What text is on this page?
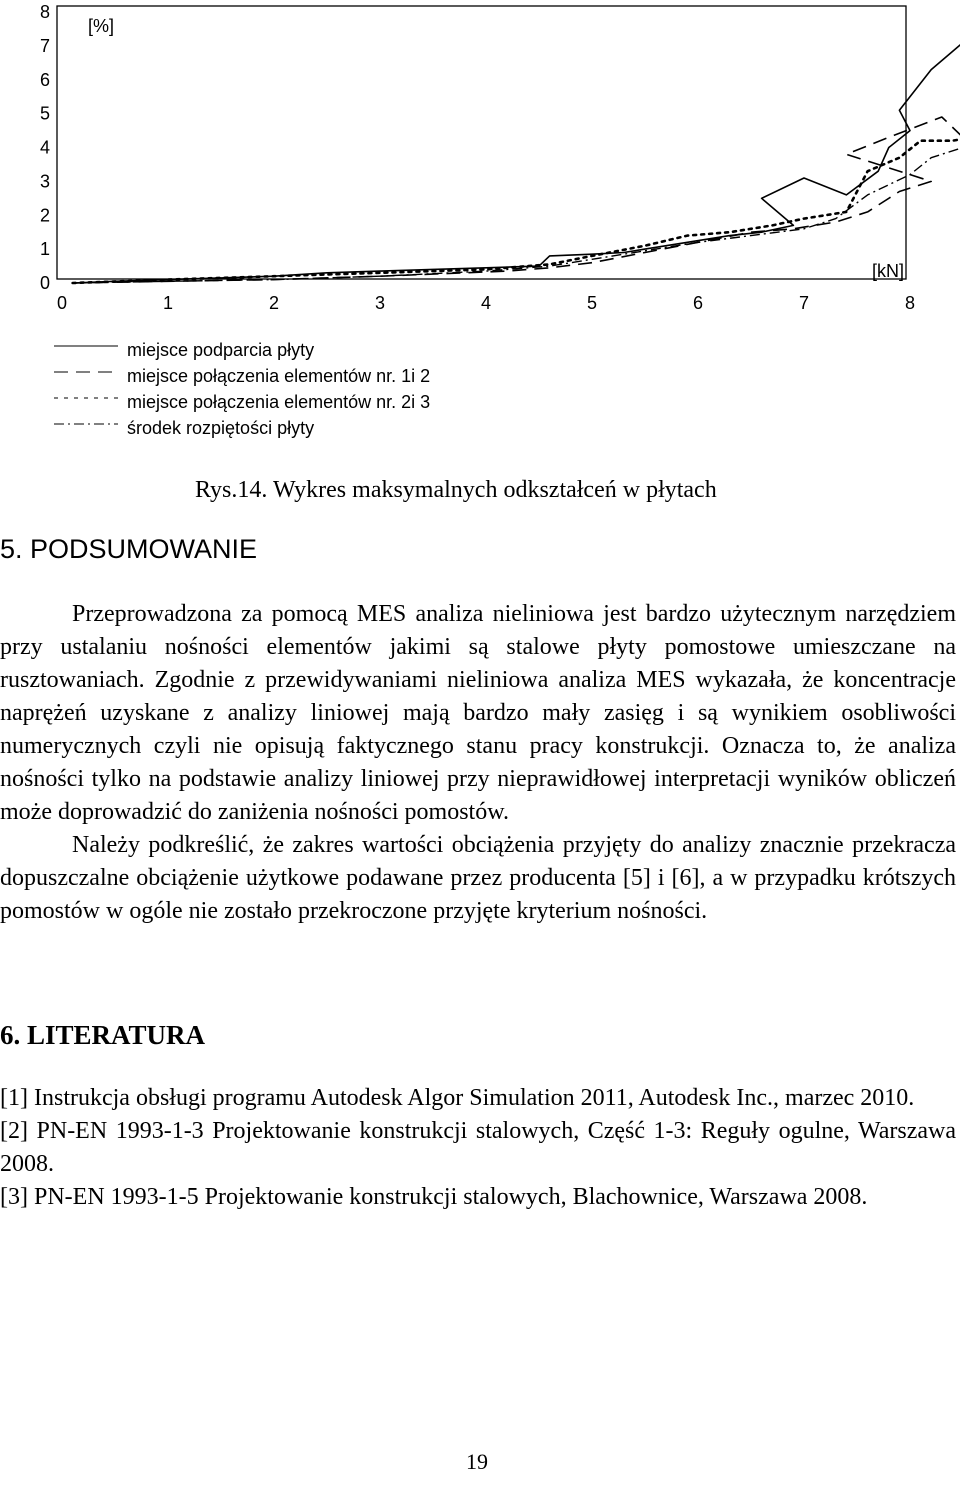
0
1
2
3
4
5
6
7
8
0	1	2	3	4	5	6	7	8
[%]
[kN]
miejsce podparcia płyty
miejsce połączenia elementów nr. 1i 2
miejsce połączenia elementów nr. 2i 3
środek rozpiętości płyty
Rys.14. Wykres maksymalnych odkształceń w płytach
5. PODSUMOWANIE

Przeprowadzona za pomocą MES analiza nieliniowa jest bardzo użytecznym narzędziem przy ustalaniu nośności elementów jakimi są stalowe płyty pomostowe umieszczane na rusztowaniach. Zgodnie z przewidywaniami nieliniowa analiza MES wykazała, że koncentracje naprężeń uzyskane z analizy liniowej mają bardzo mały zasięg i są wynikiem osobliwości numerycznych czyli nie opisują faktycznego stanu pracy konstrukcji. Oznacza to, że analiza nośności tylko na podstawie analizy liniowej przy nieprawidłowej interpretacji wyników obliczeń może doprowadzić do zaniżenia nośności pomostów.

Należy podkreślić, że zakres wartości obciążenia przyjęty do analizy znacznie przekracza dopuszczalne obciążenie użytkowe podawane przez producenta [5] i [6], a w przypadku krótszych pomostów w ogóle nie zostało przekroczone przyjęte kryterium nośności.

6. LITERATURA

[1] Instrukcja obsługi programu Autodesk Algor Simulation 2011, Autodesk Inc., marzec 2010.

[2] PN-EN 1993-1-3 Projektowanie konstrukcji stalowych, Część 1-3: Reguły ogulne, Warszawa 2008.

[3] PN-EN 1993-1-5 Projektowanie konstrukcji stalowych, Blachownice, Warszawa 2008.

19
